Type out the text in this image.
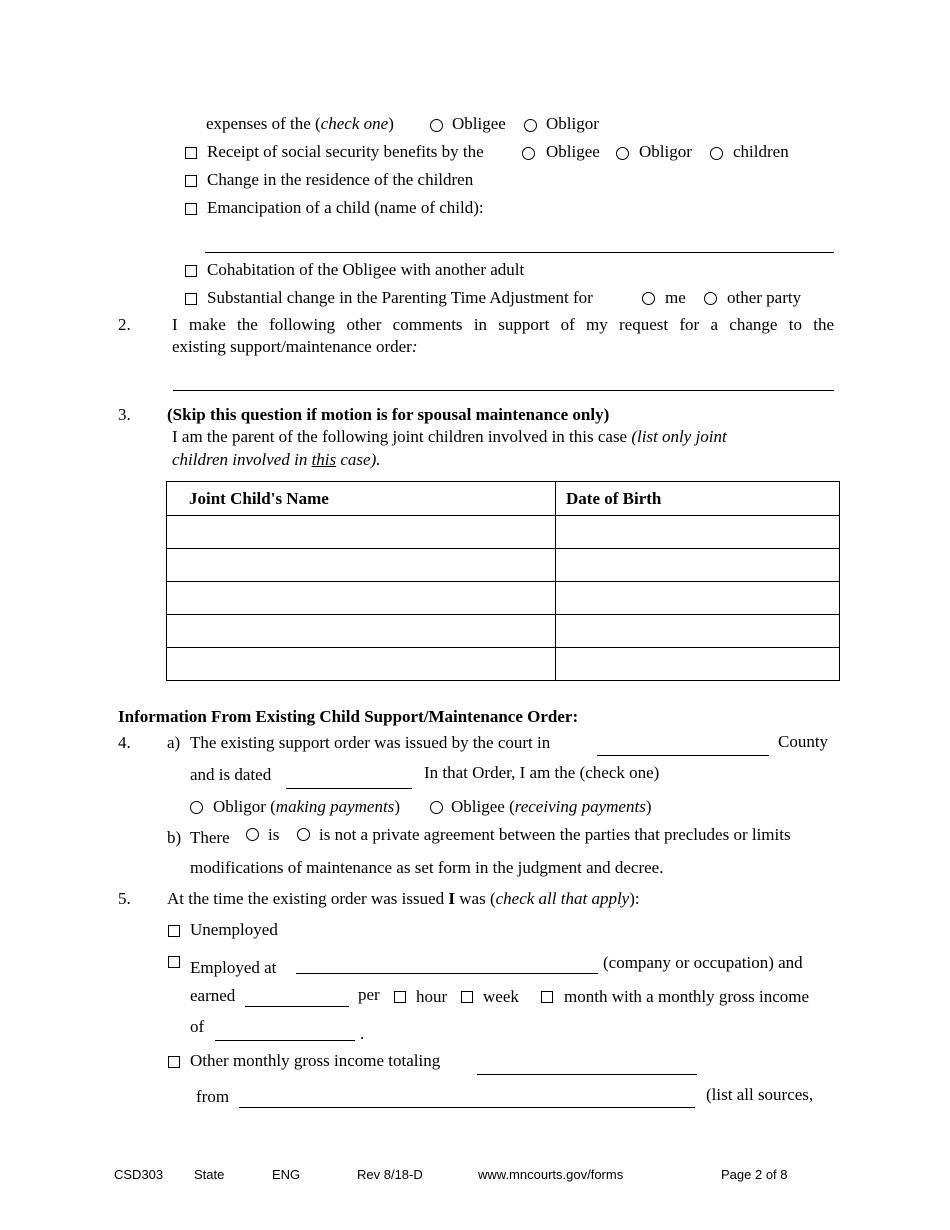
expenses of the (check one)	Obligee Obligor
Receipt of social security benefits by the	Obligee Obligor children
Change in the residence of the children
Emancipation of a child (name of child):
Cohabitation of the Obligee with another adult
Substantial change in the Parenting Time Adjustment for	me other party
2. I make the following other comments in support of my request for a change to the
existing support/maintenance order:
3. (Skip this question if motion is for spousal maintenance only)
I am the parent of the following joint children involved in this case (list only joint
children involved in this case).
Joint Child's Name	Date of Birth

Information From Existing Child Support/Maintenance Order:
4. a) The existing support order was issued by the court in	County
and is dated	In that Order, I am the (check one)
Obligor (making payments)	Obligee (receiving payments)
b) There is is not a private agreement between the parties that precludes or limits
modifications of maintenance as set form in the judgment and decree.
5. At the time the existing order was issued I was (check all that apply):
Unemployed
Employed at	(company or occupation) and
earned	per hour week	month with a monthly gross income
of	.
Other monthly gross income totaling
from	(list all sources,
CSD303 State	ENG	Rev 8/18-D	www.mncourts.gov/forms	Page 2 of 8
